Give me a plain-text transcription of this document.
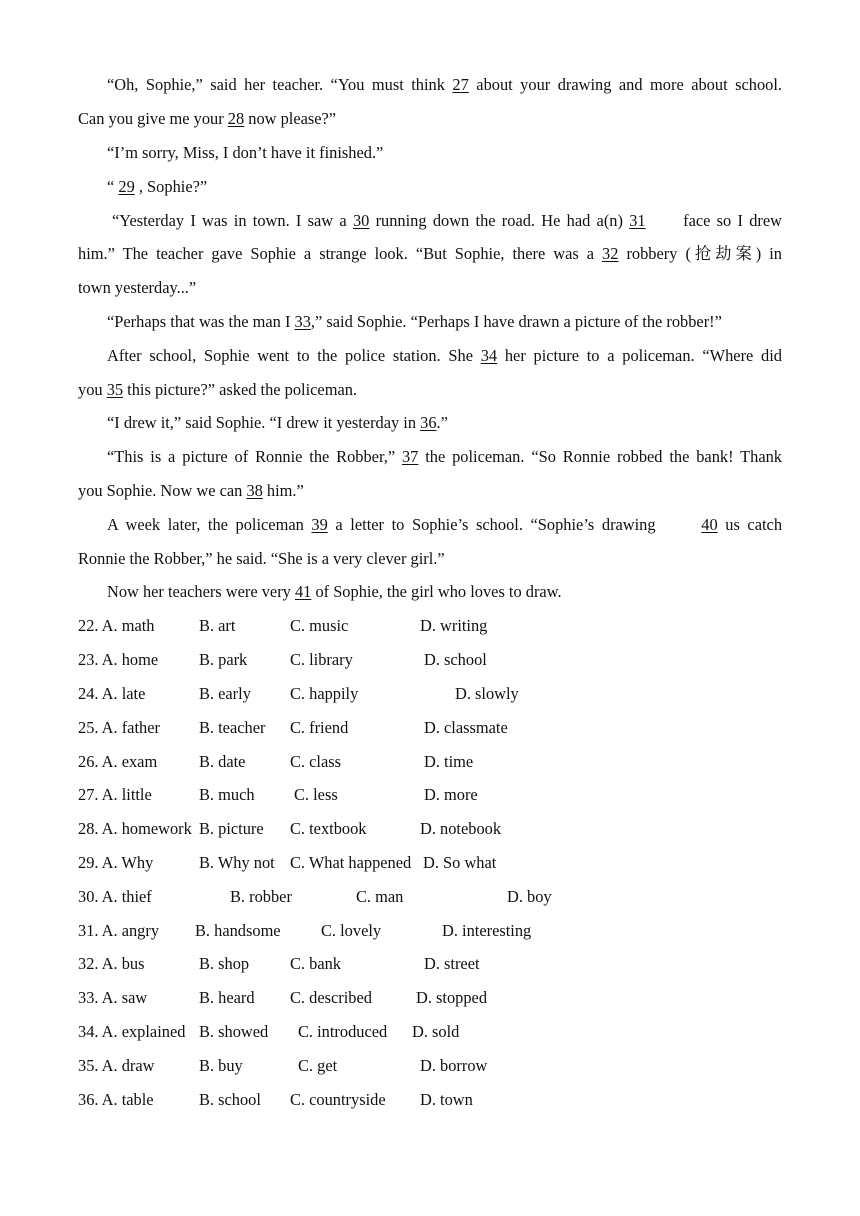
“Oh, Sophie,” said her teacher. “You must think 27 about your drawing and more about school.
Can you give me your 28 now please?”
“I’m sorry, Miss, I don’t have it finished.”
“ 29 , Sophie?”
“Yesterday I was in town. I saw a 30 running down the road. He had a(n) 31      face so I drew
him.” The teacher gave Sophie a strange look. “But Sophie, there was a 32 robbery (抢劫案) in
town yesterday...”
“Perhaps that was the man I 33,” said Sophie. “Perhaps I have drawn a picture of the robber!”
After school, Sophie went to the police station. She 34 her picture to a policeman. “Where did
you 35 this picture?” asked the policeman.
“I drew it,” said Sophie. “I drew it yesterday in 36.”
“This is a picture of Ronnie the Robber,” 37 the policeman. “So Ronnie robbed the bank! Thank
you Sophie. Now we can 38 him.”
A week later, the policeman 39 a letter to Sophie’s school. “Sophie’s drawing      40 us catch
Ronnie the Robber,” he said. “She is a very clever girl.”
Now her teachers were very 41 of Sophie, the girl who loves to draw.
22. A. math	B. art	C. music	D. writing
23. A. home B. park	C. library	D. school
24. A. late	B. early C. happily	D. slowly
25. A. father B. teacher C. friend	D. classmate
26. A. exam	B. date	C. class	D. time
27. A. little	B. much C. less	D. more
28. A. homework B. picture C. textbook	D. notebook
29. A. Why	B. Why not C. What happened D. So what
30. A. thief	B. robber	C. man	D. boy
31. A. angry B. handsome C. lovely	D. interesting
32. A. bus	B. shop C. bank	D. street
33. A. saw	B. heard C. described	D. stopped
34. A. explained B. showed C. introduced D. sold
35. A. draw	B. buy	C. get	D. borrow
36. A. table	B. school C. countryside D. town
